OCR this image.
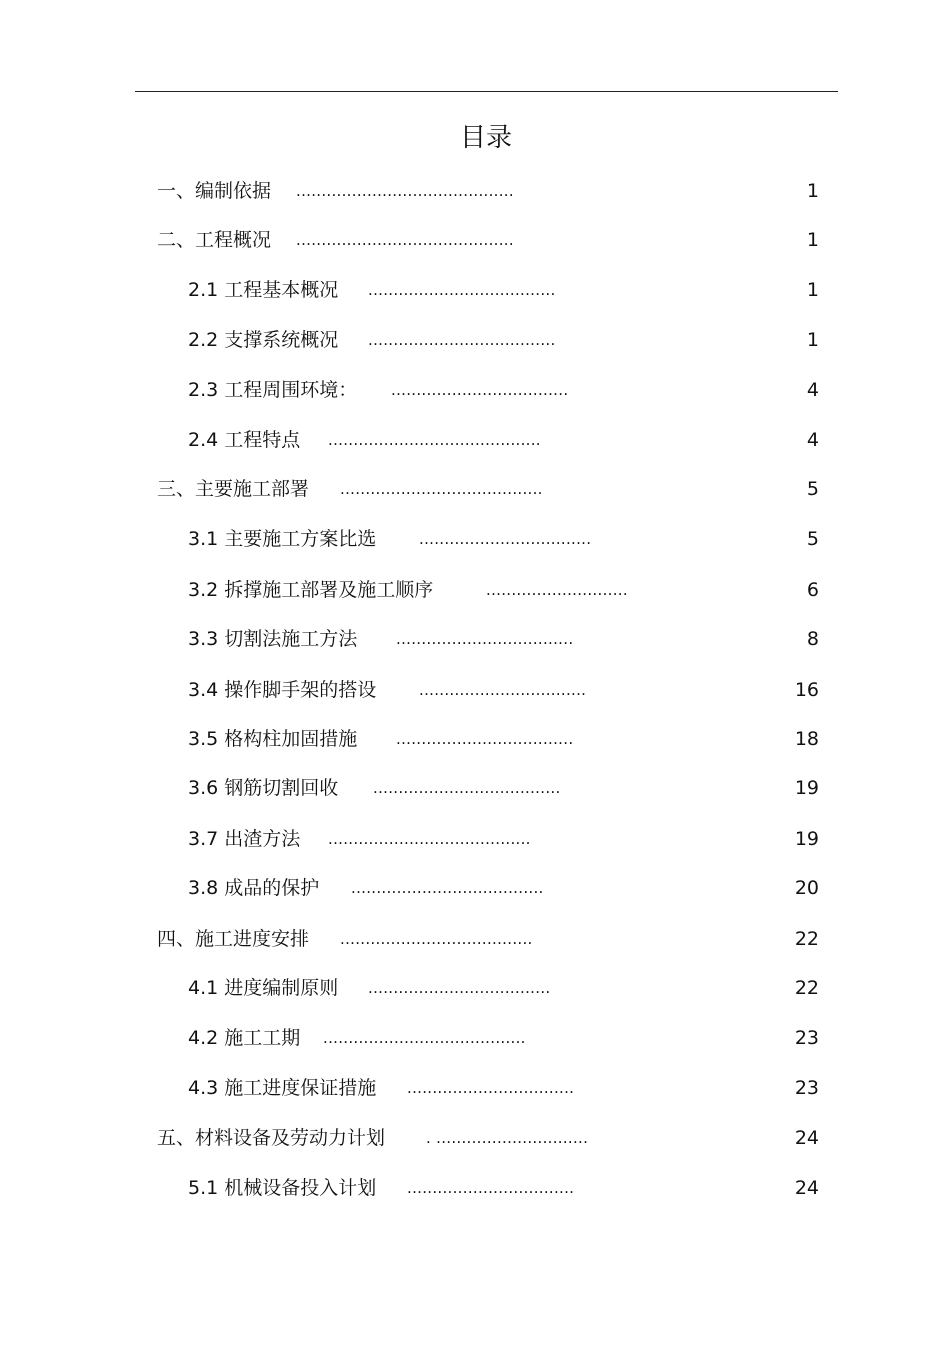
目录
一、编制依据 ...........................................	1
二、工程概况 ...........................................	1
2.1 工程基本概况 .....................................	1
2.2 支撑系统概况 .....................................	1
2.3 工程周围环境： ...................................	4
2.4 工程特点 ..........................................	4
三、主要施工部署 ........................................	5
3.1 主要施工方案比选	..................................	5
3.2 拆撑施工部署及施工顺序	............................	6
3.3 切割法施工方法	...................................	8
3.4 操作脚手架的搭设	.................................	16
3.5 格构柱加固措施	...................................	18
3.6 钢筋切割回收 .....................................	19
3.7 出渣方法 ........................................	19
3.8 成品的保护 ......................................	20
四、施工进度安排 ......................................	22
4.1 进度编制原则 ....................................	22
4.2 施工工期 ........................................	23
4.3 施工进度保证措施 .................................	23
五、材料设备及劳动力计划	. ..............................	24
5.1 机械设备投入计划 .................................	24
